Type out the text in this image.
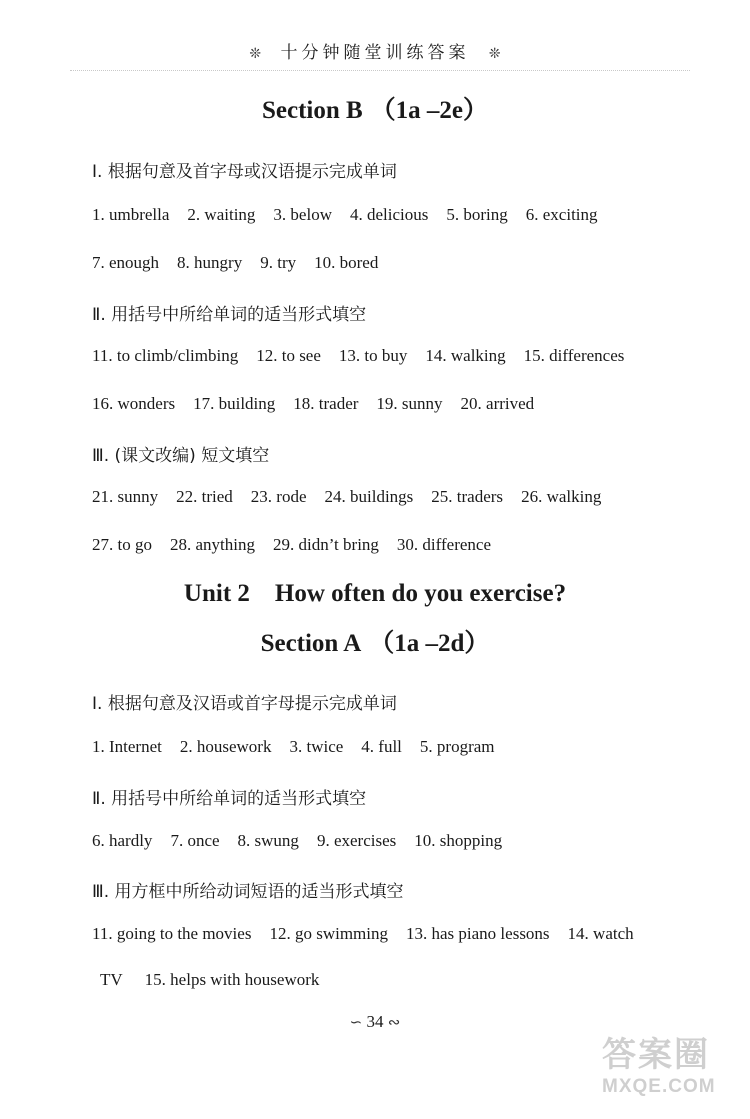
❊ 十分钟随堂训练答案 ❊
Section B （1a –2e）
Ⅰ. 根据句意及首字母或汉语提示完成单词
1. umbrella 2. waiting 3. below 4. delicious 5. boring 6. exciting
7. enough 8. hungry 9. try 10. bored
Ⅱ. 用括号中所给单词的适当形式填空
11. to climb/climbing 12. to see 13. to buy 14. walking 15. differences
16. wonders 17. building 18. trader 19. sunny 20. arrived
Ⅲ. (课文改编) 短文填空
21. sunny 22. tried 23. rode 24. buildings 25. traders 26. walking
27. to go 28. anything 29. didn’t bring 30. difference
Unit 2    How often do you exercise?
Section A （1a –2d）
Ⅰ. 根据句意及汉语或首字母提示完成单词
1. Internet 2. housework 3. twice 4. full 5. program
Ⅱ. 用括号中所给单词的适当形式填空
6. hardly 7. once 8. swung 9. exercises 10. shopping
Ⅲ. 用方框中所给动词短语的适当形式填空
11. going to the movies 12. go swimming 13. has piano lessons 14. watch
TV 15. helps with housework
∽ 34 ∾
答案圈
MXQE.COM
